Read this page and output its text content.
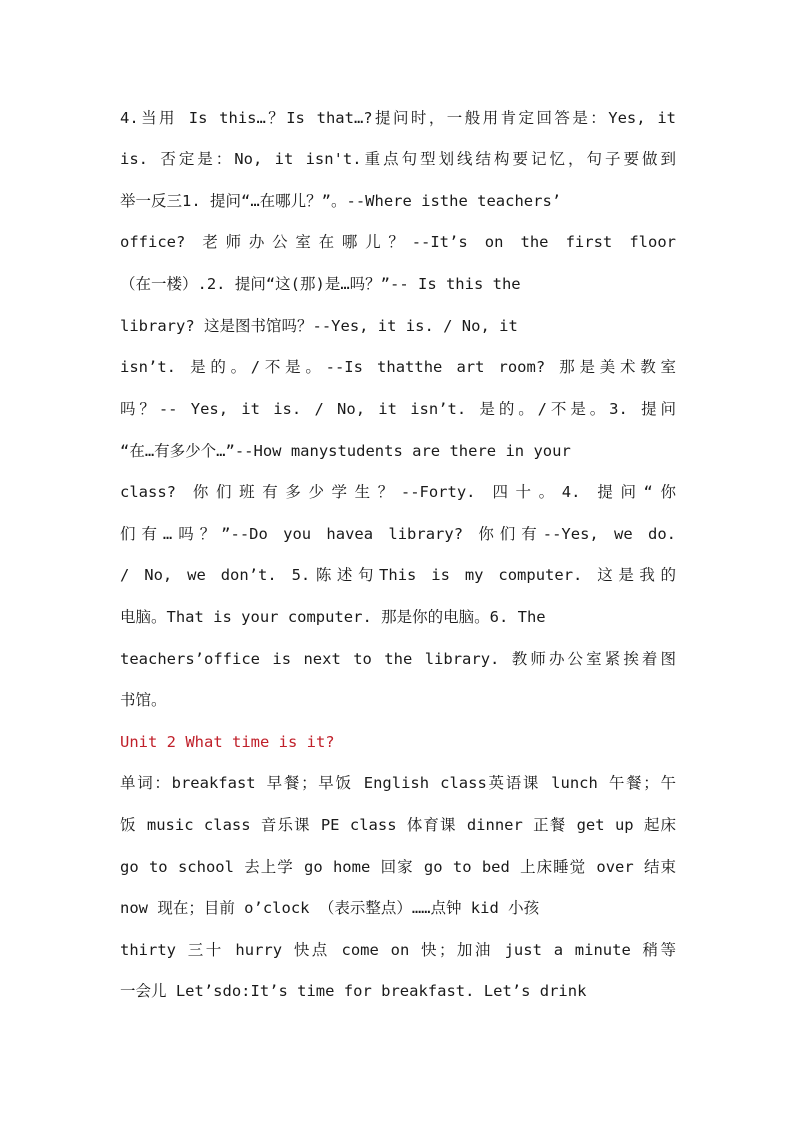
4.当用 Is this…？Is that…?提问时，一般用肯定回答是：Yes, it
is. 否定是：No, it isn't.重点句型划线结构要记忆，句子要做到
举一反三1. 提问“…在哪儿？”。--Where isthe teachers’
office? 老师办公室在哪儿？--It’s on the first floor
（在一楼）.2. 提问“这(那)是…吗？”-- Is this the
library? 这是图书馆吗？--Yes, it is. / No, it
isn’t. 是的。/不是。--Is thatthe art room? 那是美术教室
吗？-- Yes, it is. / No, it isn’t. 是的。/不是。3. 提问
“在…有多少个…”--How manystudents are there in your
class? 你们班有多少学生？--Forty. 四十。4. 提问“你
们有…吗？”--Do you havea library? 你们有--Yes, we do.
/ No, we don’t. 5.陈述句This is my computer. 这是我的
电脑。That is your computer. 那是你的电脑。6. The
teachers’office is next to the library. 教师办公室紧挨着图
书馆。
Unit 2 What time is it?
单词：breakfast 早餐；早饭 English class英语课 lunch 午餐；午
饭 music class 音乐课 PE class 体育课 dinner 正餐 get up 起床
go to school 去上学 go home 回家 go to bed 上床睡觉 over 结束
now 现在；目前 o’clock （表示整点）……点钟 kid 小孩
thirty 三十 hurry 快点 come on 快；加油 just a minute 稍等
一会儿 Let’sdo:It’s time for breakfast. Let’s drink
